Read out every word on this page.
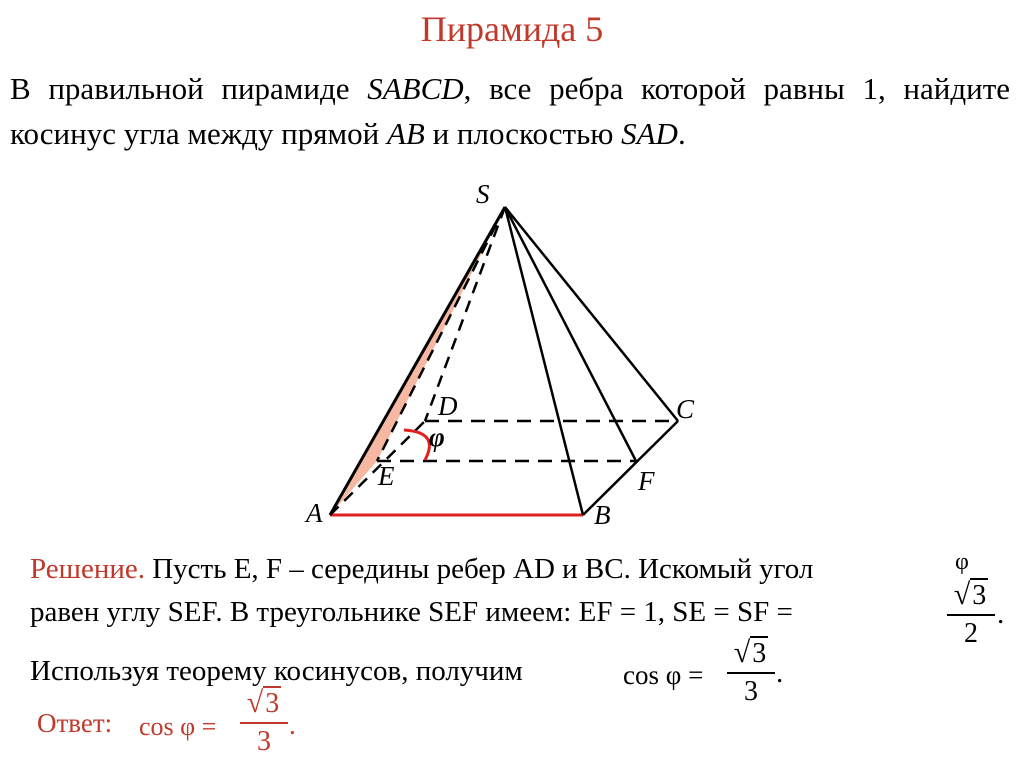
Пирамида 5
В правильной пирамиде SABCD, все ребра которой равны 1, найдите косинус угла между прямой AB и плоскостью SAD.
S
A	B
C
D
E	F
φ
Решение. Пусть E, F – середины ребер AD и BC. Искомый угол	φ
равен углу SEF. В треугольнике SEF имеем: EF = 1, SE = SF =
√3
2
.
Используя теорему косинусов, получим	cos φ =
√3
3
.
Ответ: cos φ =
√3
3
.
